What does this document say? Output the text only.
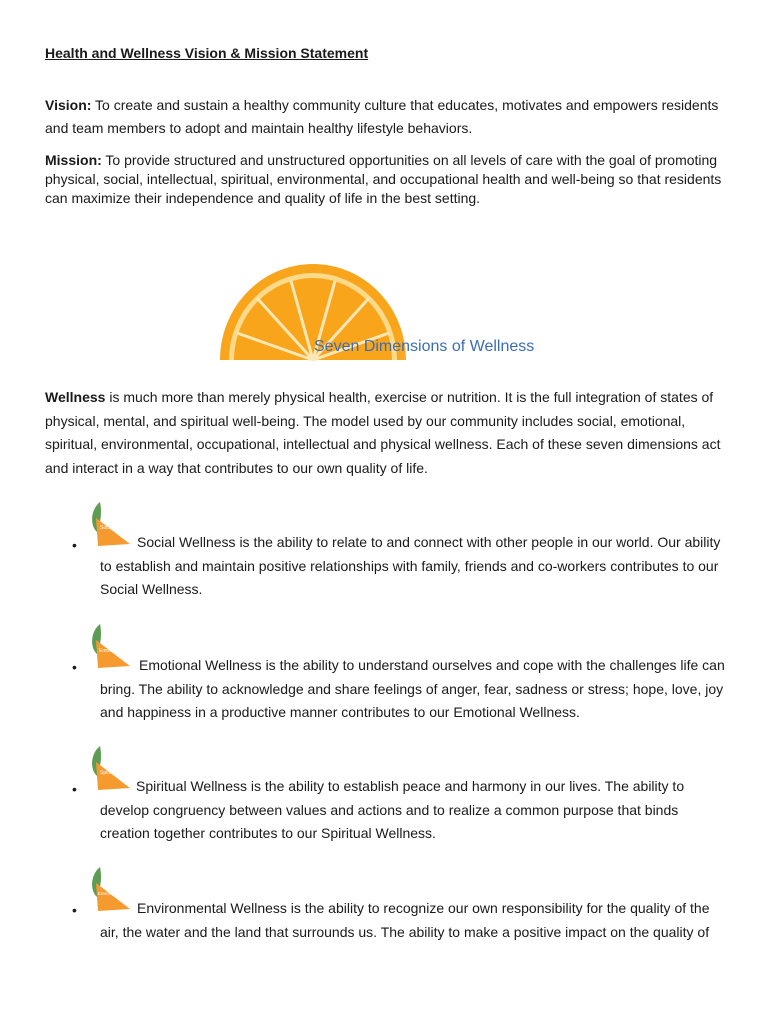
Health and Wellness Vision & Mission Statement

Vision: To create and sustain a healthy community culture that educates, motivates and empowers residents and team members to adopt and maintain healthy lifestyle behaviors.

Mission: To provide structured and unstructured opportunities on all levels of care with the goal of promoting physical, social, intellectual, spiritual, environmental, and occupational health and well-being so that residents can maximize their independence and quality of life in the best setting.

Seven Dimensions of Wellness

Wellness is much more than merely physical health, exercise or nutrition. It is the full integration of states of physical, mental, and spiritual well-being. The model used by our community includes social, emotional, spiritual, environmental, occupational, intellectual and physical wellness. Each of these seven dimensions act and interact in a way that contributes to our own quality of life.

•
Social

Social Wellness is the ability to relate to and connect with other people in our world. Our ability to establish and maintain positive relationships with family, friends and co-workers contributes to our Social Wellness.

•
Emotional

Emotional Wellness is the ability to understand ourselves and cope with the challenges life can bring. The ability to acknowledge and share feelings of anger, fear, sadness or stress; hope, love, joy and happiness in a productive manner contributes to our Emotional Wellness.

•
Spiritual

Spiritual Wellness is the ability to establish peace and harmony in our lives. The ability to develop congruency between values and actions and to realize a common purpose that binds creation together contributes to our Spiritual Wellness.

•
Environmental

Environmental Wellness is the ability to recognize our own responsibility for the quality of the air, the water and the land that surrounds us. The ability to make a positive impact on the quality of
